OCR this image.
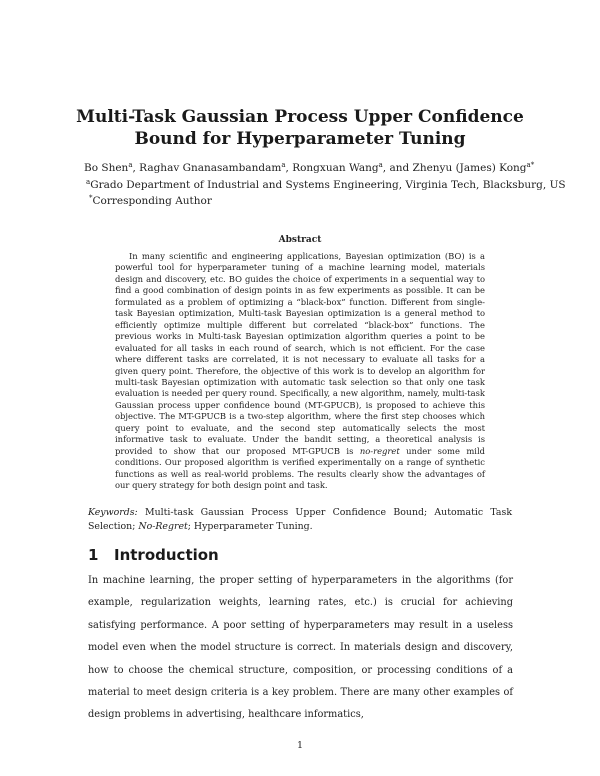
Multi-Task Gaussian Process Upper Confidence
Bound for Hyperparameter Tuning
Bo Shen$^a$, Raghav Gnanasambandam$^a$, Rongxuan Wang$^a$, and Zhenyu (James) Kong$^{a*}$
$^a$Grado Department of Industrial and Systems Engineering, Virginia Tech, Blacksburg, US
*Corresponding Author
Abstract

In many scientific and engineering applications, Bayesian optimization (BO) is a powerful tool for hyperparameter tuning of a machine learning model, materials design and discovery, etc. BO guides the choice of experiments in a sequential way to find a good combination of design points in as few experiments as possible. It can be formulated as a problem of optimizing a “black-box” function. Different from single-task Bayesian optimization, Multi-task Bayesian optimization is a general method to efficiently optimize multiple different but correlated “black-box” functions. The previous works in Multi-task Bayesian optimization algorithm queries a point to be evaluated for all tasks in each round of search, which is not efficient. For the case where different tasks are correlated, it is not necessary to evaluate all tasks for a given query point. Therefore, the objective of this work is to develop an algorithm for multi-task Bayesian optimization with automatic task selection so that only one task evaluation is needed per query round. Specifically, a new algorithm, namely, multi-task Gaussian process upper confidence bound (MT-GPUCB), is proposed to achieve this objective. The MT-GPUCB is a two-step algorithm, where the first step chooses which query point to evaluate, and the second step automatically selects the most informative task to evaluate. Under the bandit setting, a theoretical analysis is provided to show that our proposed MT-GPUCB is no-regret under some mild conditions. Our proposed algorithm is verified experimentally on a range of synthetic functions as well as real-world problems. The results clearly show the advantages of our query strategy for both design point and task.

Keywords: Multi-task Gaussian Process Upper Confidence Bound; Automatic Task Selection; No-Regret; Hyperparameter Tuning.
1 Introduction

In machine learning, the proper setting of hyperparameters in the algorithms (for example, regularization weights, learning rates, etc.) is crucial for achieving satisfying performance. A poor setting of hyperparameters may result in a useless model even when the model structure is correct. In materials design and discovery, how to choose the chemical structure, composition, or processing conditions of a material to meet design criteria is a key problem. There are many other examples of design problems in advertising, healthcare informatics,

1
